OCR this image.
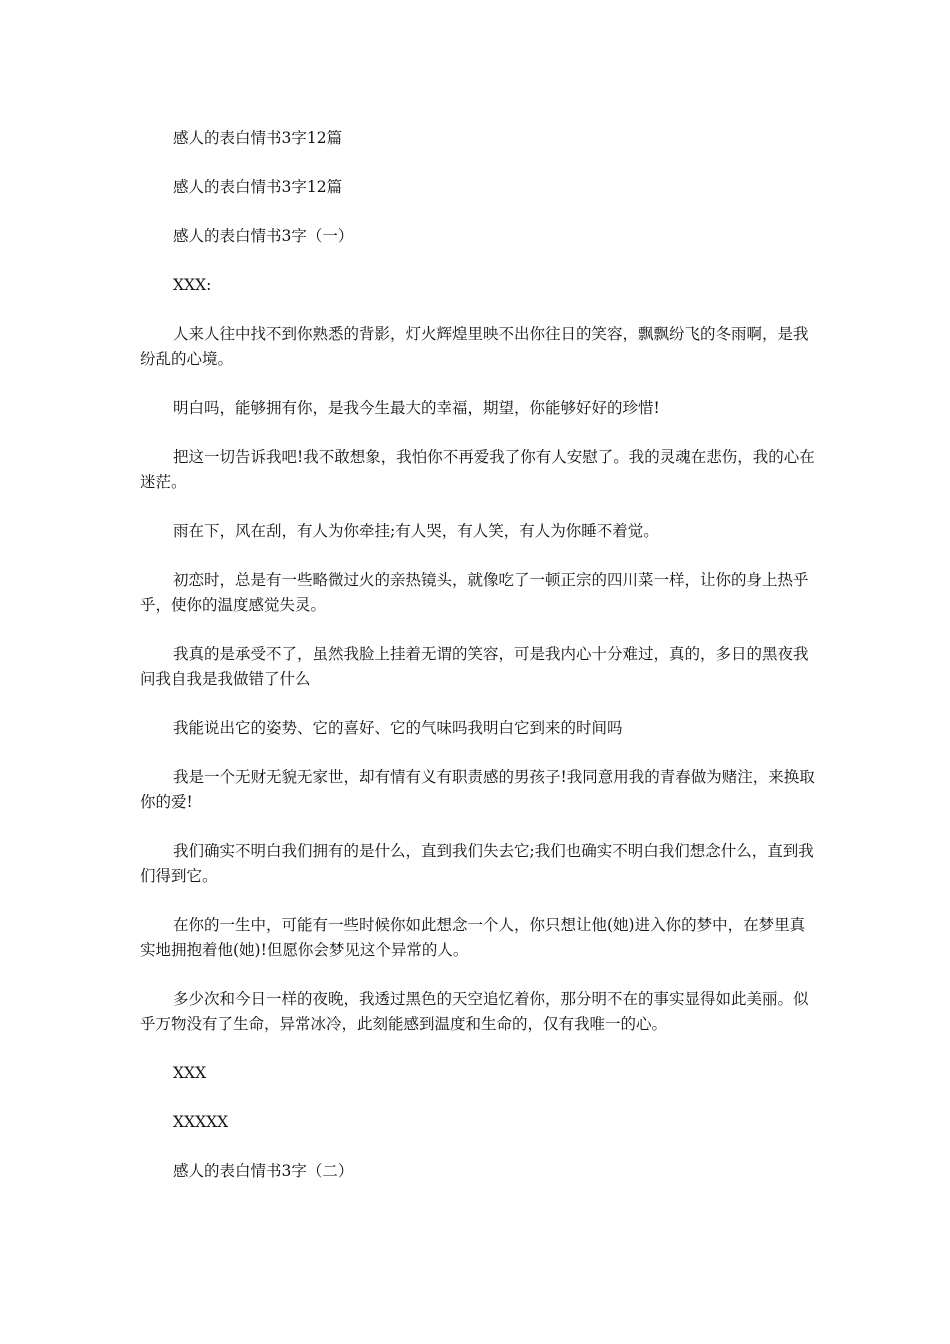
感人的表白情书3字12篇

感人的表白情书3字12篇

感人的表白情书3字（一）

XXX:

人来人往中找不到你熟悉的背影，灯火辉煌里映不出你往日的笑容，飘飘纷飞的冬雨啊，是我纷乱的心境。

明白吗，能够拥有你，是我今生最大的幸福，期望，你能够好好的珍惜!

把这一切告诉我吧!我不敢想象，我怕你不再爱我了你有人安慰了。我的灵魂在悲伤，我的心在迷茫。

雨在下，风在刮，有人为你牵挂;有人哭，有人笑，有人为你睡不着觉。

初恋时，总是有一些略微过火的亲热镜头，就像吃了一顿正宗的四川菜一样，让你的身上热乎乎，使你的温度感觉失灵。

我真的是承受不了，虽然我脸上挂着无谓的笑容，可是我内心十分难过，真的，多日的黑夜我问我自我是我做错了什么

我能说出它的姿势、它的喜好、它的气味吗我明白它到来的时间吗

我是一个无财无貌无家世，却有情有义有职责感的男孩子!我同意用我的青春做为赌注，来换取你的爱!

我们确实不明白我们拥有的是什么，直到我们失去它;我们也确实不明白我们想念什么，直到我们得到它。

在你的一生中，可能有一些时候你如此想念一个人，你只想让他(她)进入你的梦中，在梦里真实地拥抱着他(她)!但愿你会梦见这个异常的人。

多少次和今日一样的夜晚，我透过黑色的天空追忆着你，那分明不在的事实显得如此美丽。似乎万物没有了生命，异常冰冷，此刻能感到温度和生命的，仅有我唯一的心。

XXX

XXXXX

感人的表白情书3字（二）
